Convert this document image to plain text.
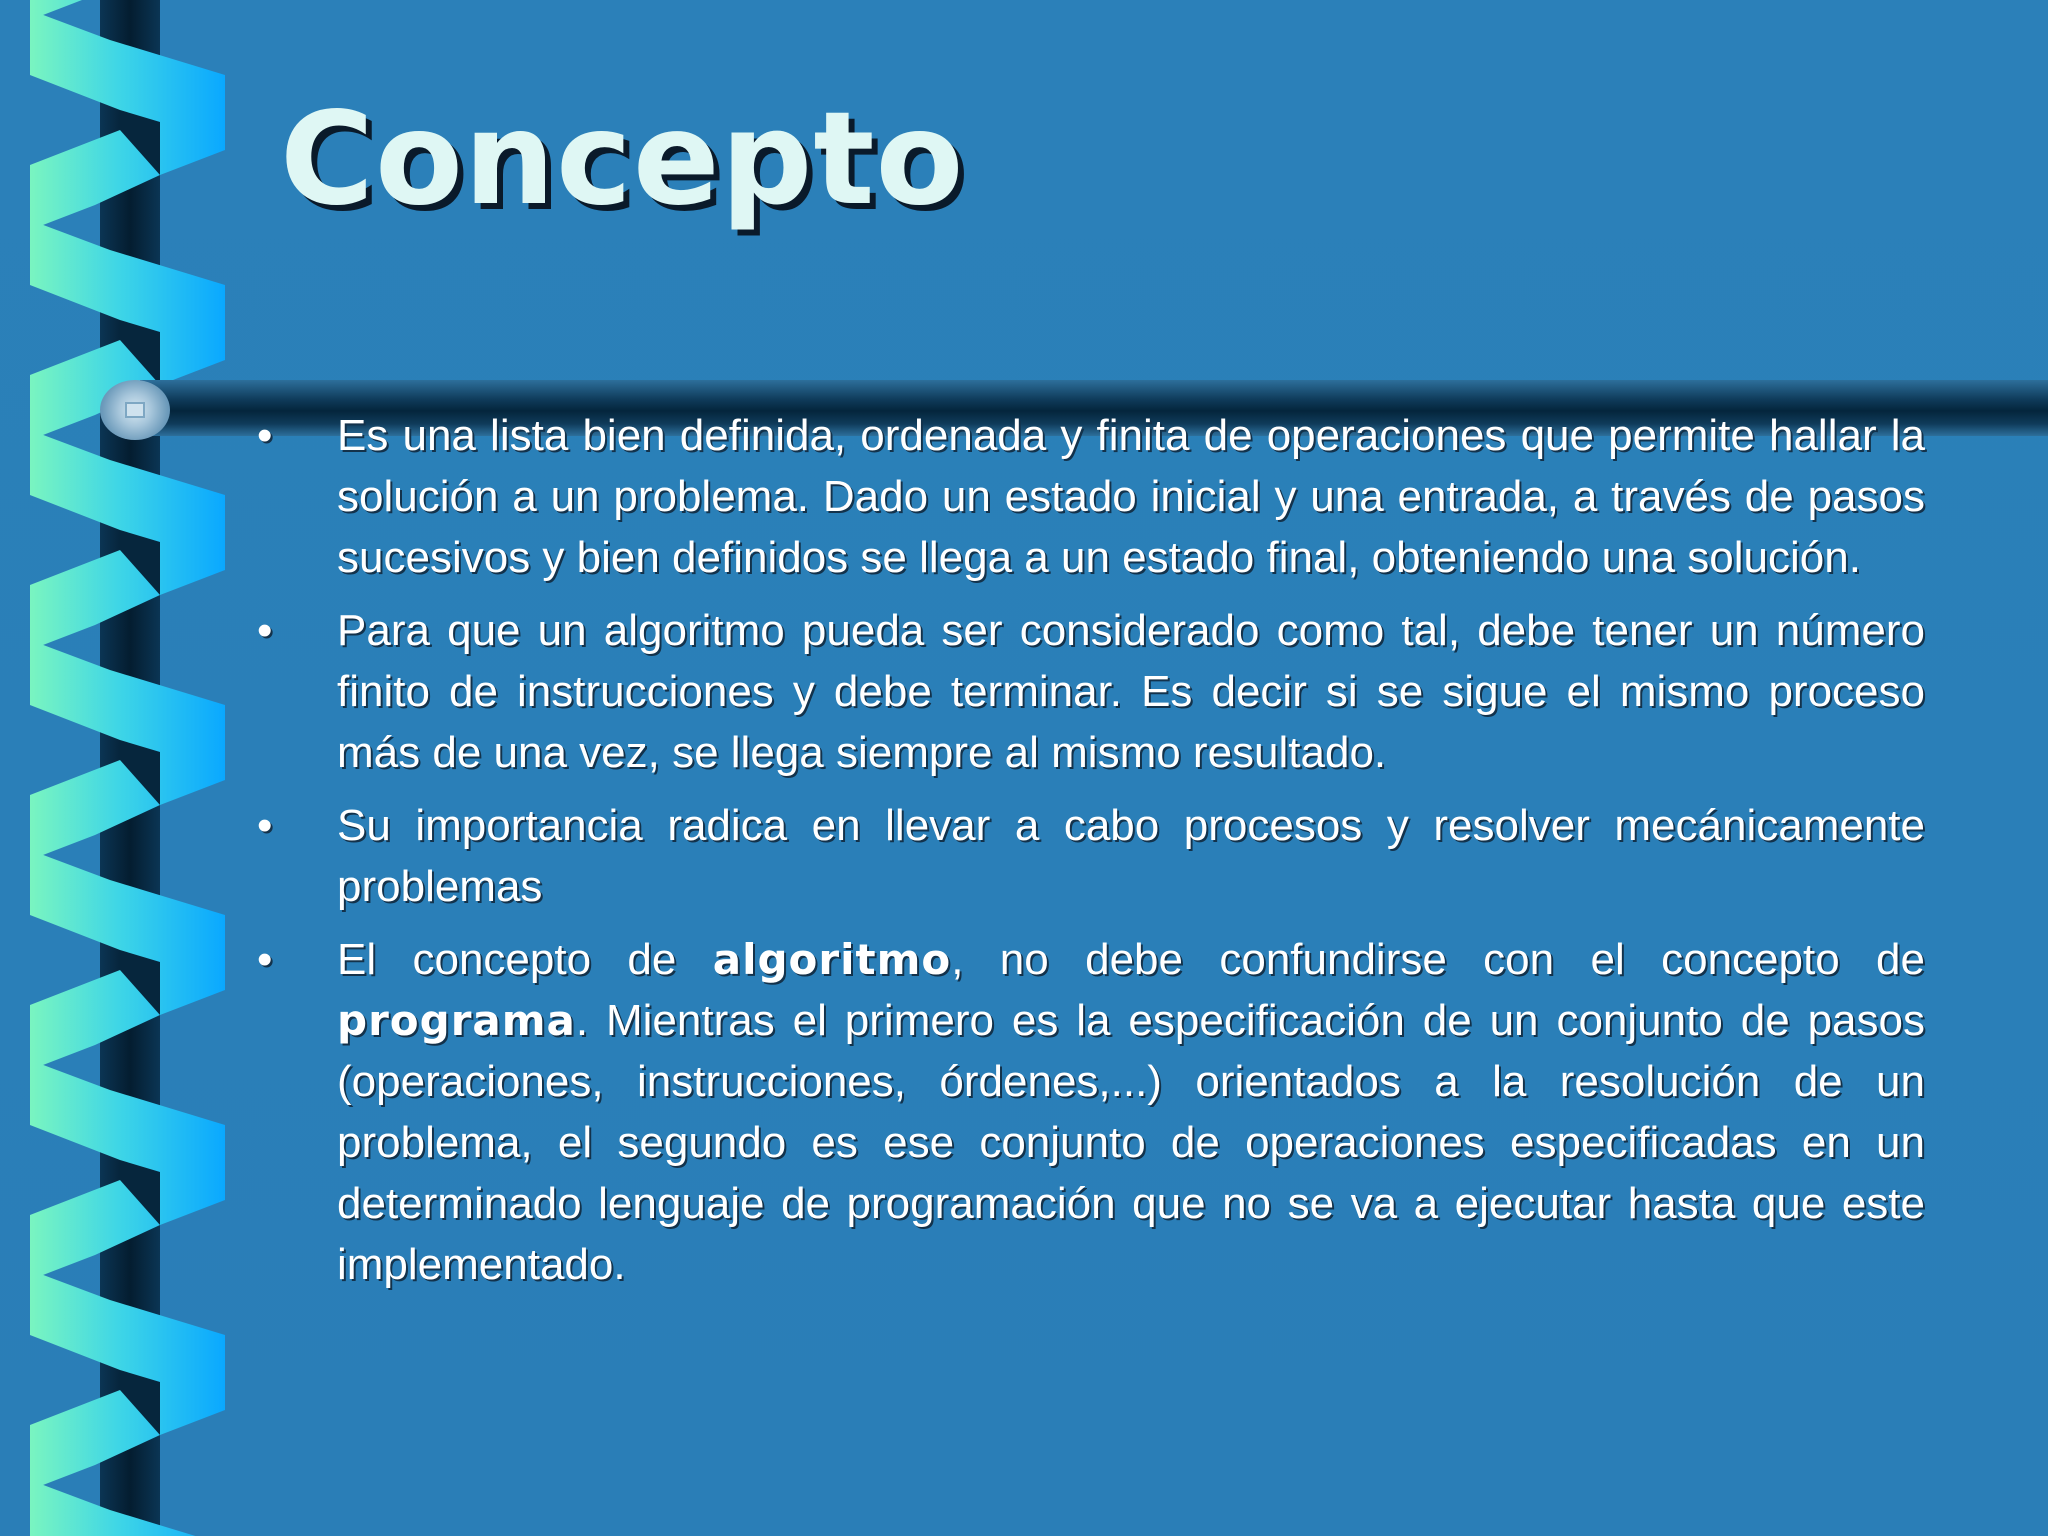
Concepto
• Es una lista bien definida, ordenada y finita de operaciones que permite hallar la solución a un problema. Dado un estado inicial y una entrada, a través de pasos sucesivos y bien definidos se llega a un estado final, obteniendo una solución.

• Para que un algoritmo pueda ser considerado como tal, debe tener un número finito de instrucciones y debe terminar. Es decir si se sigue el mismo proceso más de una vez, se llega siempre al mismo resultado.

• Su importancia radica en llevar a cabo procesos y resolver mecánicamente problemas

• El concepto de algoritmo, no debe confundirse con el concepto de programa. Mientras el primero es la especificación de un conjunto de pasos (operaciones, instrucciones, órdenes,...) orientados a la resolución de un problema, el segundo es ese conjunto de operaciones especificadas en un determinado lenguaje de programación que no se va a ejecutar hasta que este implementado.
